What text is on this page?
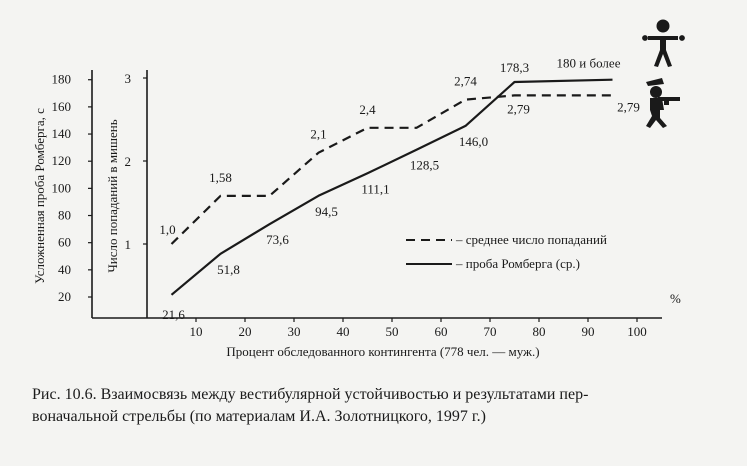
20
40
60
80
100
120
140
160
180
1
2
3
10	20	30	40	50	60	70	80	90	100
%
Усложненная проба Ромберга, с	Число попаданий в мишень
Процент обследованного контингента (778 чел. — муж.)
1,0
1,58
2,1
2,4
2,74
2,79	2,79
21,6
51,8
73,6
94,5
111,1
128,5
146,0
178,3 180 и более
– среднее число попаданий
– проба Ромберга (ср.)
Рис. 10.6. Взаимосвязь между вестибулярной устойчивостью и результатами пер-
воначальной стрельбы (по материалам И.А. Золотницкого, 1997 г.)
